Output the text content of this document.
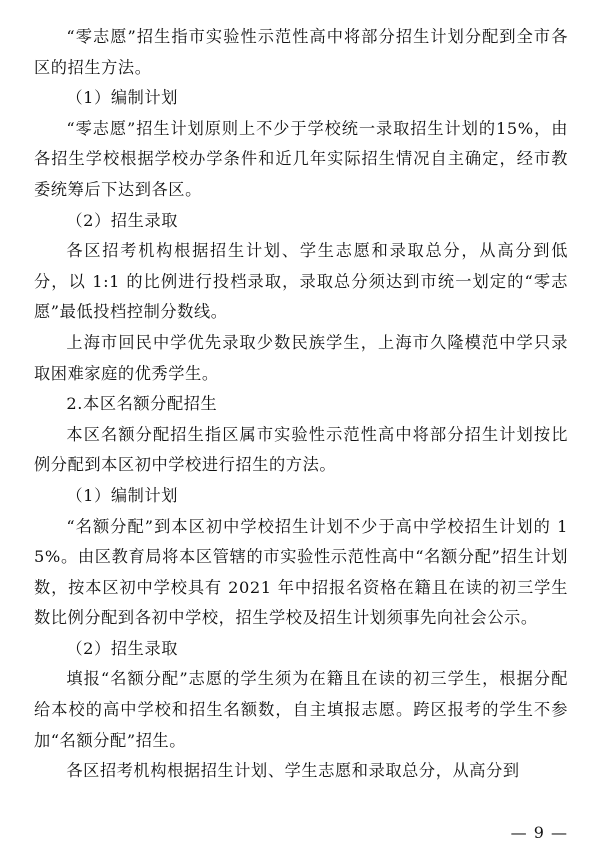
“零志愿”招生指市实验性示范性高中将部分招生计划分配到全市各区的招生方法。

（1）编制计划

“零志愿”招生计划原则上不少于学校统一录取招生计划的15%，由各招生学校根据学校办学条件和近几年实际招生情况自主确定，经市教委统筹后下达到各区。

（2）招生录取

各区招考机构根据招生计划、学生志愿和录取总分，从高分到低分，以 1:1 的比例进行投档录取，录取总分须达到市统一划定的“零志愿”最低投档控制分数线。

上海市回民中学优先录取少数民族学生，上海市久隆模范中学只录取困难家庭的优秀学生。

2.本区名额分配招生

本区名额分配招生指区属市实验性示范性高中将部分招生计划按比例分配到本区初中学校进行招生的方法。

（1）编制计划

“名额分配”到本区初中学校招生计划不少于高中学校招生计划的 15%。由区教育局将本区管辖的市实验性示范性高中“名额分配”招生计划数，按本区初中学校具有 2021 年中招报名资格在籍且在读的初三学生数比例分配到各初中学校，招生学校及招生计划须事先向社会公示。

（2）招生录取

填报“名额分配”志愿的学生须为在籍且在读的初三学生，根据分配给本校的高中学校和招生名额数，自主填报志愿。跨区报考的学生不参加“名额分配”招生。

各区招考机构根据招生计划、学生志愿和录取总分，从高分到

— 9 —
